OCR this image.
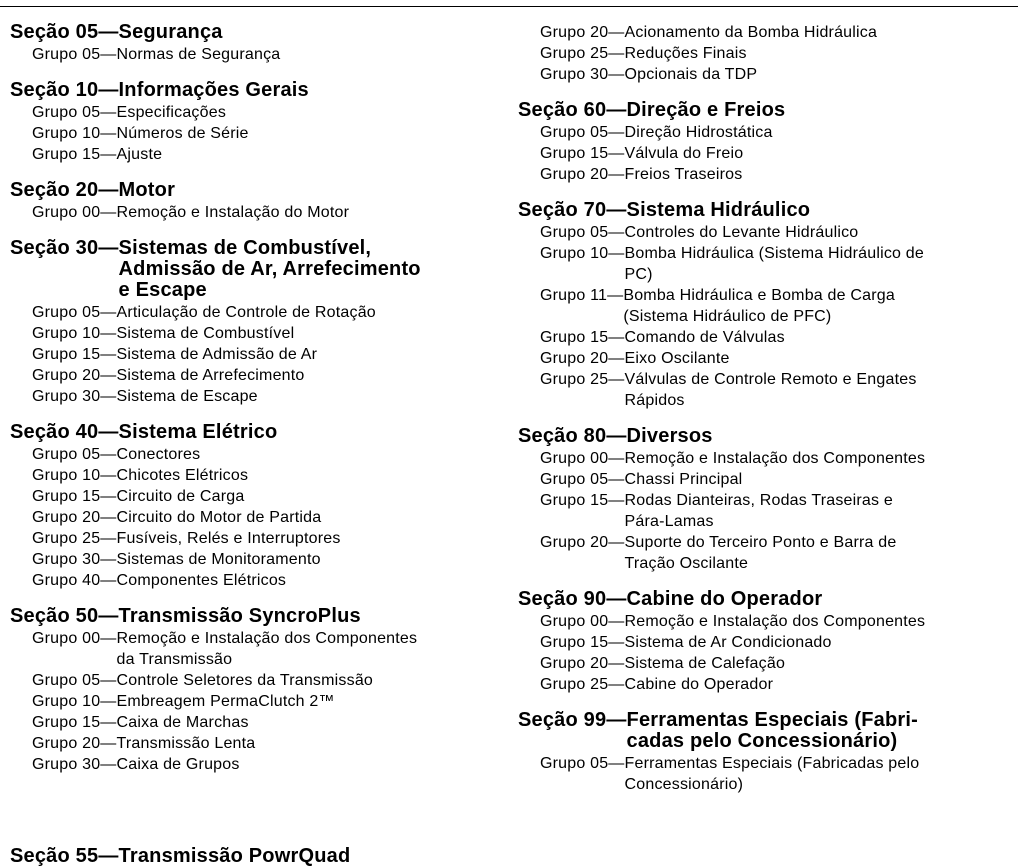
Seção 05— Segurança
Grupo 05— Normas de Segurança
Seção 10— Informações Gerais
Grupo 05— Especificações
Grupo 10— Números de Série
Grupo 15— Ajuste
Seção 20— Motor
Grupo 00— Remoção e Instalação do Motor
Seção 30— Sistemas de Combustível,
Admissão de Ar, Arrefecimento
e Escape
Grupo 05— Articulação de Controle de Rotação
Grupo 10— Sistema de Combustível
Grupo 15— Sistema de Admissão de Ar
Grupo 20— Sistema de Arrefecimento
Grupo 30— Sistema de Escape
Seção 40— Sistema Elétrico
Grupo 05— Conectores
Grupo 10— Chicotes Elétricos
Grupo 15— Circuito de Carga
Grupo 20— Circuito do Motor de Partida
Grupo 25— Fusíveis, Relés e Interruptores
Grupo 30— Sistemas de Monitoramento
Grupo 40— Componentes Elétricos
Seção 50— Transmissão SyncroPlus
Grupo 00— Remoção e Instalação dos Componentes
da Transmissão
Grupo 05— Controle Seletores da Transmissão
Grupo 10— Embreagem PermaClutch 2™
Grupo 15— Caixa de Marchas
Grupo 20— Transmissão Lenta
Grupo 30— Caixa de Grupos
Grupo 20— Acionamento da Bomba Hidráulica
Grupo 25— Reduções Finais
Grupo 30— Opcionais da TDP
Seção 60— Direção e Freios
Grupo 05— Direção Hidrostática
Grupo 15— Válvula do Freio
Grupo 20— Freios Traseiros
Seção 70— Sistema Hidráulico
Grupo 05— Controles do Levante Hidráulico
Grupo 10— Bomba Hidráulica (Sistema Hidráulico de
PC)
Grupo 11— Bomba Hidráulica e Bomba de Carga
(Sistema Hidráulico de PFC)
Grupo 15— Comando de Válvulas
Grupo 20— Eixo Oscilante
Grupo 25— Válvulas de Controle Remoto e Engates
Rápidos
Seção 80— Diversos
Grupo 00— Remoção e Instalação dos Componentes
Grupo 05— Chassi Principal
Grupo 15— Rodas Dianteiras, Rodas Traseiras e
Pára-Lamas
Grupo 20— Suporte do Terceiro Ponto e Barra de
Tração Oscilante
Seção 90— Cabine do Operador
Grupo 00— Remoção e Instalação dos Componentes
Grupo 15— Sistema de Ar Condicionado
Grupo 20— Sistema de Calefação
Grupo 25— Cabine do Operador
Seção 99— Ferramentas Especiais (Fabri-
cadas pelo Concessionário)
Grupo 05— Ferramentas Especiais (Fabricadas pelo
Concessionário)
Seção 55—Transmissão PowrQuad
